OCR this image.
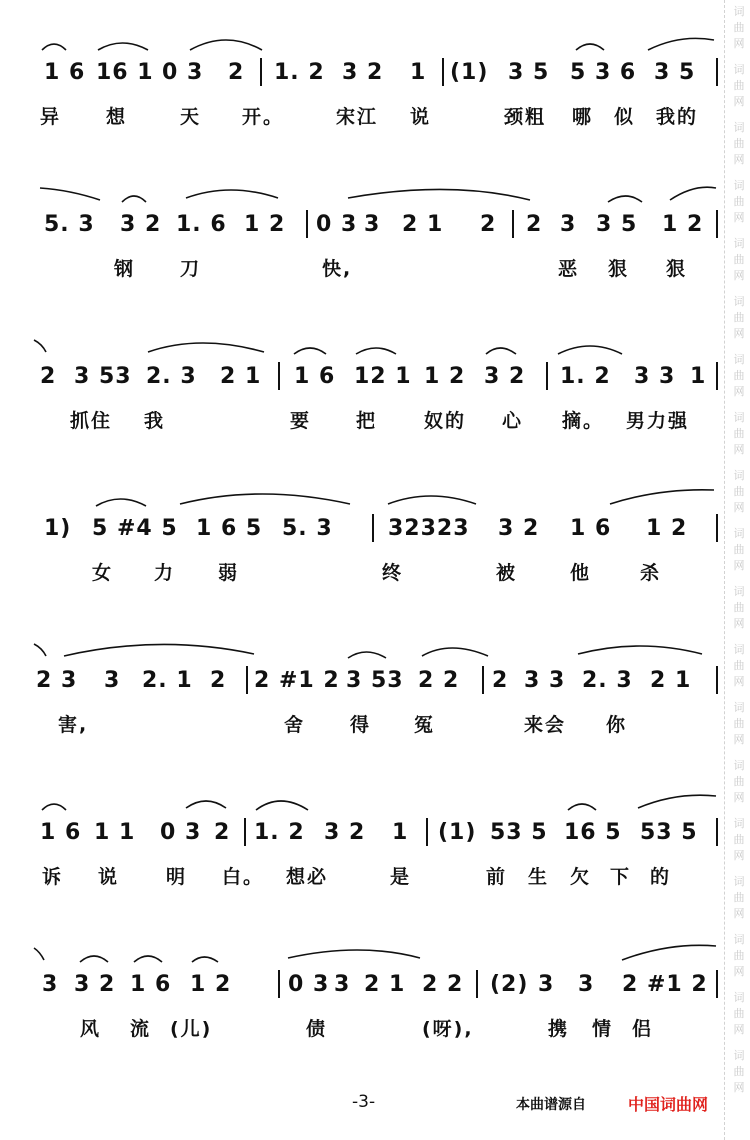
词
曲
网
词
曲
网
词
曲
网
词
曲
网
词
曲
网
词
曲
网
词
曲
网
词
曲
网
词
曲
网
词
曲
网
词
曲
网
词
曲
网
词
曲
网
词
曲
网
词
曲
网
词
曲
网
词
曲
网
词
曲
网
词
曲
网
1 6 16 1 0 3 2 1. 2 3 2 1 (1) 3 5 5 3 6 3 5
异 想	天 开。	宋江 说	颈粗 哪 似 我的
5. 3 3 2 1. 6 1 2 0 3 3 2 1 2 2 3 3 5 1 2
钢 刀	快,	恶 狠 狠
2 3 53 2. 3 2 1 1 6 12 1 1 2 3 2 1. 2 3 3 1
抓住 我	要 把 奴的 心 摘。 男力强
1) 5 #4 5 1 6 5 5. 3	32323 3 2 1 6 1 2
女 力 弱	终	被	他	杀
2 3 3 2. 1 2 2 #1 2 3 53 2 2 2 3 3 2. 3 2 1
害,	舍 得 冤	来会 你
1 6 1 1 0 3 2 1. 2 3 2 1 (1) 53 5 16 5 53 5
诉 说 明 白。 想必	是	前 生 欠 下 的
3 3 2 1 6 1 2	0 3 3 2 1 2 2 (2) 3 3 2 #1 2
风 流 (儿)	债	(呀),	携 情 侣
-3-	本曲谱源自	中国词曲网
